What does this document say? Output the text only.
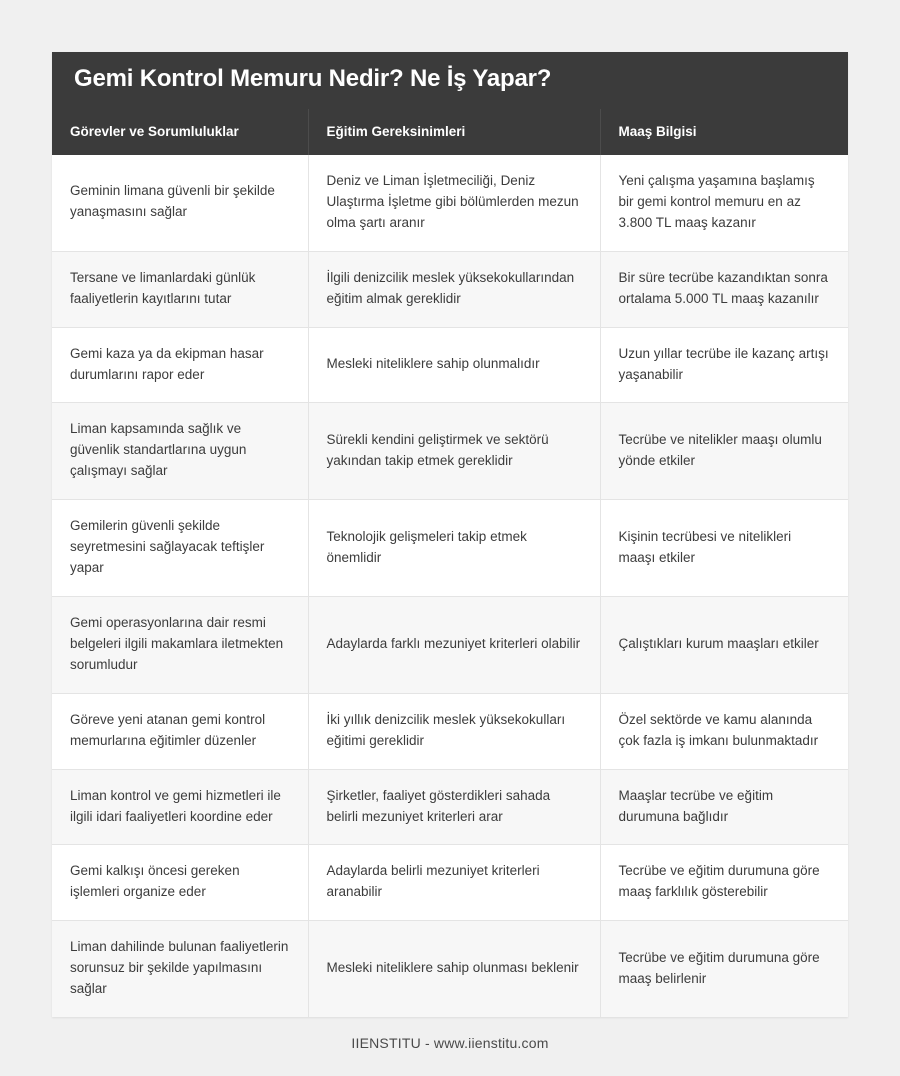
Gemi Kontrol Memuru Nedir? Ne İş Yapar?
Görevler ve Sorumluluklar	Eğitim Gereksinimleri	Maaş Bilgisi
Geminin limana güvenli bir şekilde yanaşmasını sağlar	Deniz ve Liman İşletmeciliği, Deniz Ulaştırma İşletme gibi bölümlerden mezun olma şartı aranır	Yeni çalışma yaşamına başlamış bir gemi kontrol memuru en az 3.800 TL maaş kazanır
Tersane ve limanlardaki günlük faaliyetlerin kayıtlarını tutar	İlgili denizcilik meslek yüksekokullarından eğitim almak gereklidir	Bir süre tecrübe kazandıktan sonra ortalama 5.000 TL maaş kazanılır
Gemi kaza ya da ekipman hasar durumlarını rapor eder	Mesleki niteliklere sahip olunmalıdır	Uzun yıllar tecrübe ile kazanç artışı yaşanabilir
Liman kapsamında sağlık ve güvenlik standartlarına uygun çalışmayı sağlar	Sürekli kendini geliştirmek ve sektörü yakından takip etmek gereklidir	Tecrübe ve nitelikler maaşı olumlu yönde etkiler
Gemilerin güvenli şekilde seyretmesini sağlayacak teftişler yapar	Teknolojik gelişmeleri takip etmek önemlidir	Kişinin tecrübesi ve nitelikleri maaşı etkiler
Gemi operasyonlarına dair resmi belgeleri ilgili makamlara iletmekten sorumludur	Adaylarda farklı mezuniyet kriterleri olabilir	Çalıştıkları kurum maaşları etkiler
Göreve yeni atanan gemi kontrol memurlarına eğitimler düzenler	İki yıllık denizcilik meslek yüksekokulları eğitimi gereklidir	Özel sektörde ve kamu alanında çok fazla iş imkanı bulunmaktadır
Liman kontrol ve gemi hizmetleri ile ilgili idari faaliyetleri koordine eder	Şirketler, faaliyet gösterdikleri sahada belirli mezuniyet kriterleri arar	Maaşlar tecrübe ve eğitim durumuna bağlıdır
Gemi kalkışı öncesi gereken işlemleri organize eder	Adaylarda belirli mezuniyet kriterleri aranabilir	Tecrübe ve eğitim durumuna göre maaş farklılık gösterebilir
Liman dahilinde bulunan faaliyetlerin sorunsuz bir şekilde yapılmasını sağlar	Mesleki niteliklere sahip olunması beklenir	Tecrübe ve eğitim durumuna göre maaş belirlenir
IIENSTITU - www.iienstitu.com
